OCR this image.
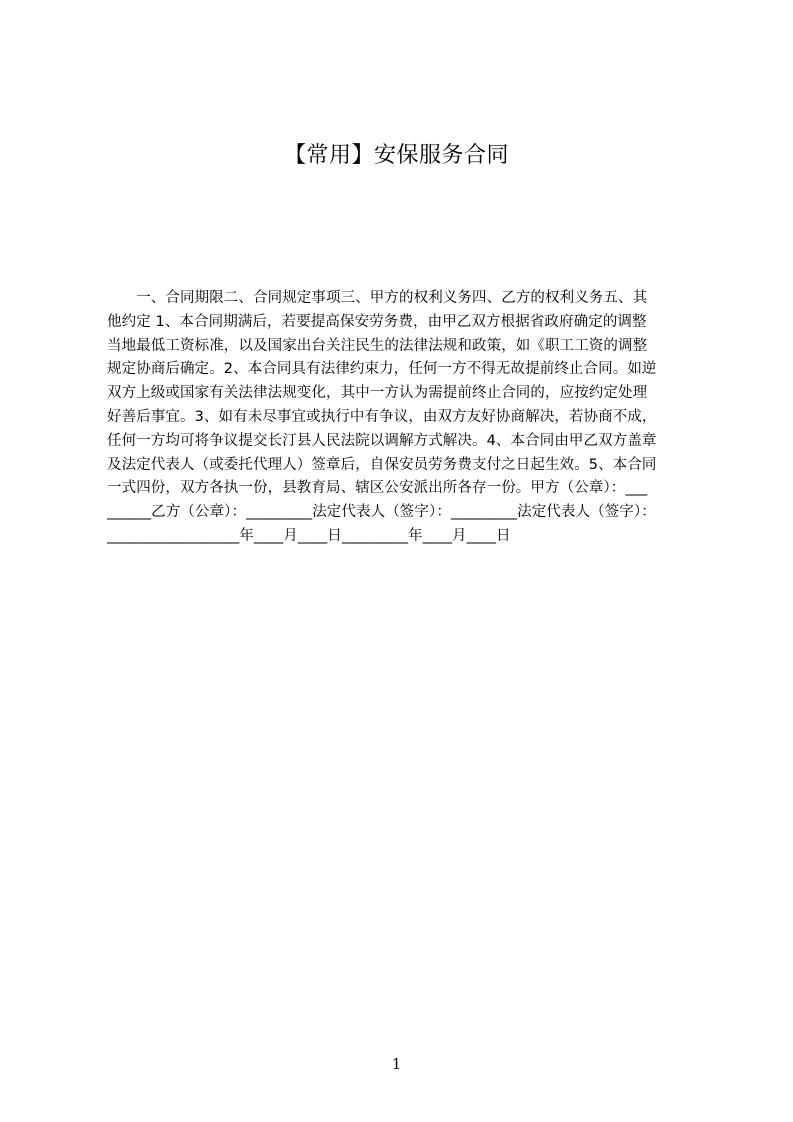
【常用】安保服务合同
　　一、合同期限二、合同规定事项三、甲方的权利义务四、乙方的权利义务五、其
他约定 1、本合同期满后，若要提高保安劳务费，由甲乙双方根据省政府确定的调整
当地最低工资标准，以及国家出台关注民生的法律法规和政策，如《职工工资的调整
规定协商后确定。2、本合同具有法律约束力，任何一方不得无故提前终止合同。如逆
双方上级或国家有关法律法规变化，其中一方认为需提前终止合同的，应按约定处理
好善后事宜。3、如有未尽事宜或执行中有争议，由双方友好协商解决，若协商不成，
任何一方均可将争议提交长汀县人民法院以调解方式解决。4、本合同由甲乙双方盖章
及法定代表人（或委托代理人）签章后，自保安员劳务费支付之日起生效。5、本合同
一式四份，双方各执一份，县教育局、辖区公安派出所各存一份。甲方（公章）：___
______乙方（公章）：_________法定代表人（签字）：_________法定代表人（签字）：
__________________年____月____日_________年____月____日
1
